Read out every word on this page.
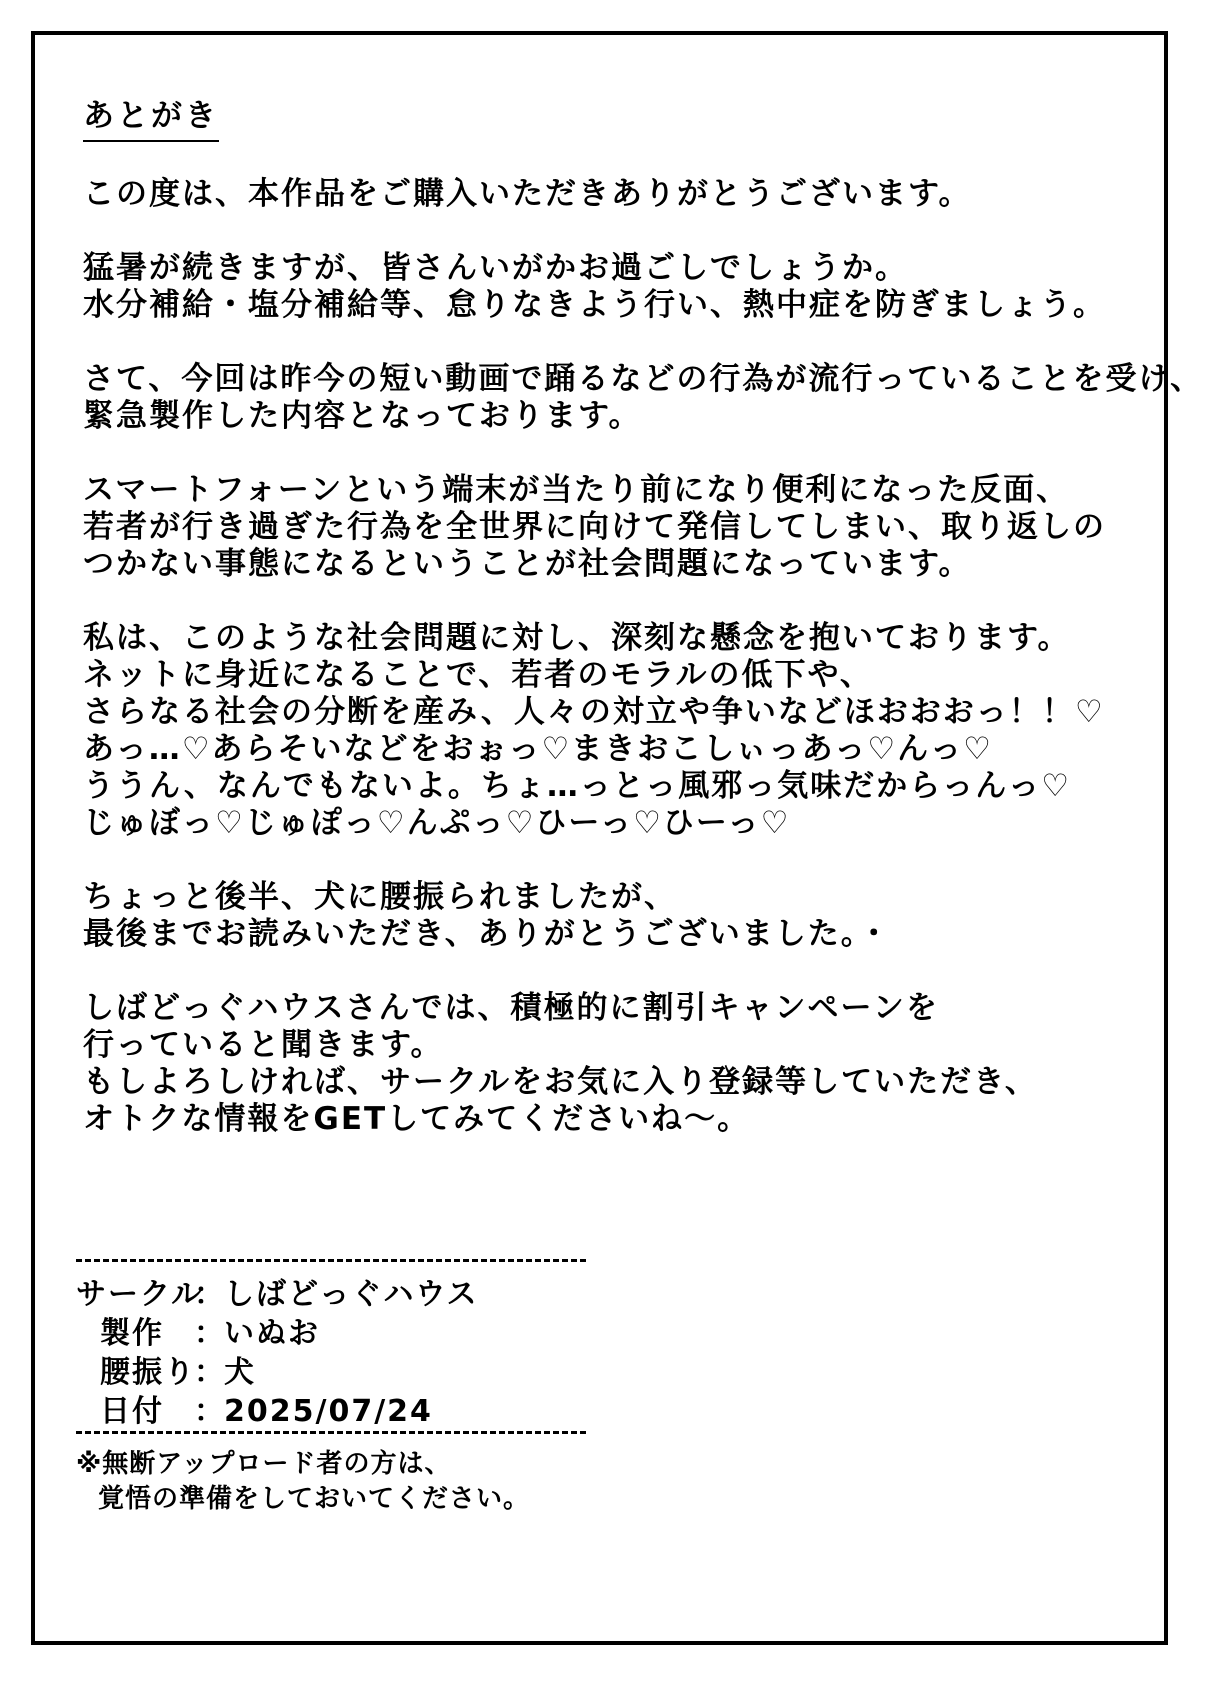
あとがき

この度は、本作品をご購入いただきありがとうございます。

猛暑が続きますが、皆さんいがかお過ごしでしょうか。
水分補給・塩分補給等、怠りなきよう行い、熱中症を防ぎましょう。

さて、今回は昨今の短い動画で踊るなどの行為が流行っていることを受け、
緊急製作した内容となっております。

スマートフォーンという端末が当たり前になり便利になった反面、
若者が行き過ぎた行為を全世界に向けて発信してしまい、取り返しの
つかない事態になるということが社会問題になっています。

私は、このような社会問題に対し、深刻な懸念を抱いております。
ネットに身近になることで、若者のモラルの低下や、
さらなる社会の分断を産み、人々の対立や争いなどほおおおっ！！♡
あっ…♡あらそいなどをおぉっ♡まきおこしぃっあっ♡んっ♡
ううん、なんでもないよ。ちょ…っとっ風邪っ気味だからっんっ♡
じゅぼっ♡じゅぽっ♡んぷっ♡ひーっ♡ひーっ♡

ちょっと後半、犬に腰振られましたが、
最後までお読みいただき、ありがとうございました。・

しばどっぐハウスさんでは、積極的に割引キャンペーンを
行っていると聞きます。
もしよろしければ、サークルをお気に入り登録等していただき、
オトクな情報をGETしてみてくださいね～。

サークル
：
しばどっぐハウス
製作	：
いぬお
腰振り
：
犬
日付	：
2025/07/24
※無断アップロード者の方は、
覚悟の準備をしておいてください。
